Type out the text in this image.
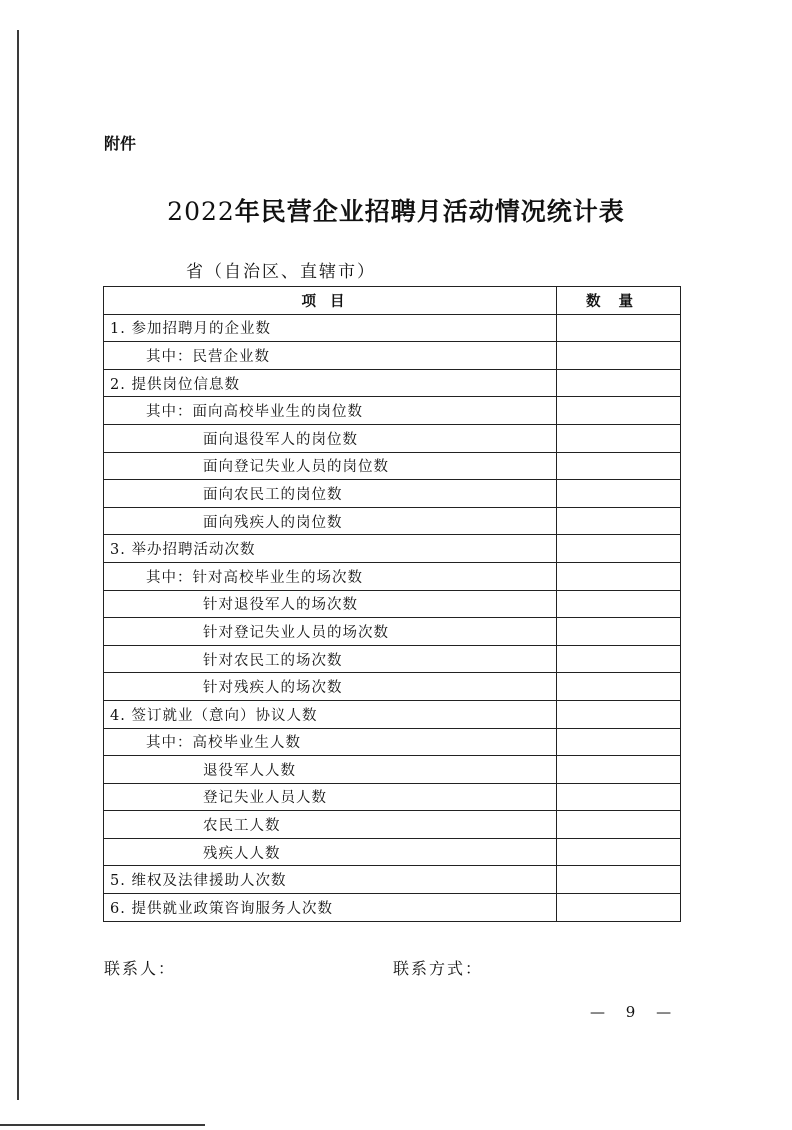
附件
2022年民营企业招聘月活动情况统计表
省（自治区、直辖市）
项目	数量
1. 参加招聘月的企业数	
其中：民营企业数	
2. 提供岗位信息数	
其中：面向高校毕业生的岗位数	
面向退役军人的岗位数	
面向登记失业人员的岗位数	
面向农民工的岗位数	
面向残疾人的岗位数	
3. 举办招聘活动次数	
其中：针对高校毕业生的场次数	
针对退役军人的场次数	
针对登记失业人员的场次数	
针对农民工的场次数	
针对残疾人的场次数	
4. 签订就业（意向）协议人数	
其中：高校毕业生人数	
退役军人人数	
登记失业人员人数	
农民工人数	
残疾人人数	
5. 维权及法律援助人次数	
6. 提供就业政策咨询服务人次数	
联系人：	联系方式：
— 9 —
